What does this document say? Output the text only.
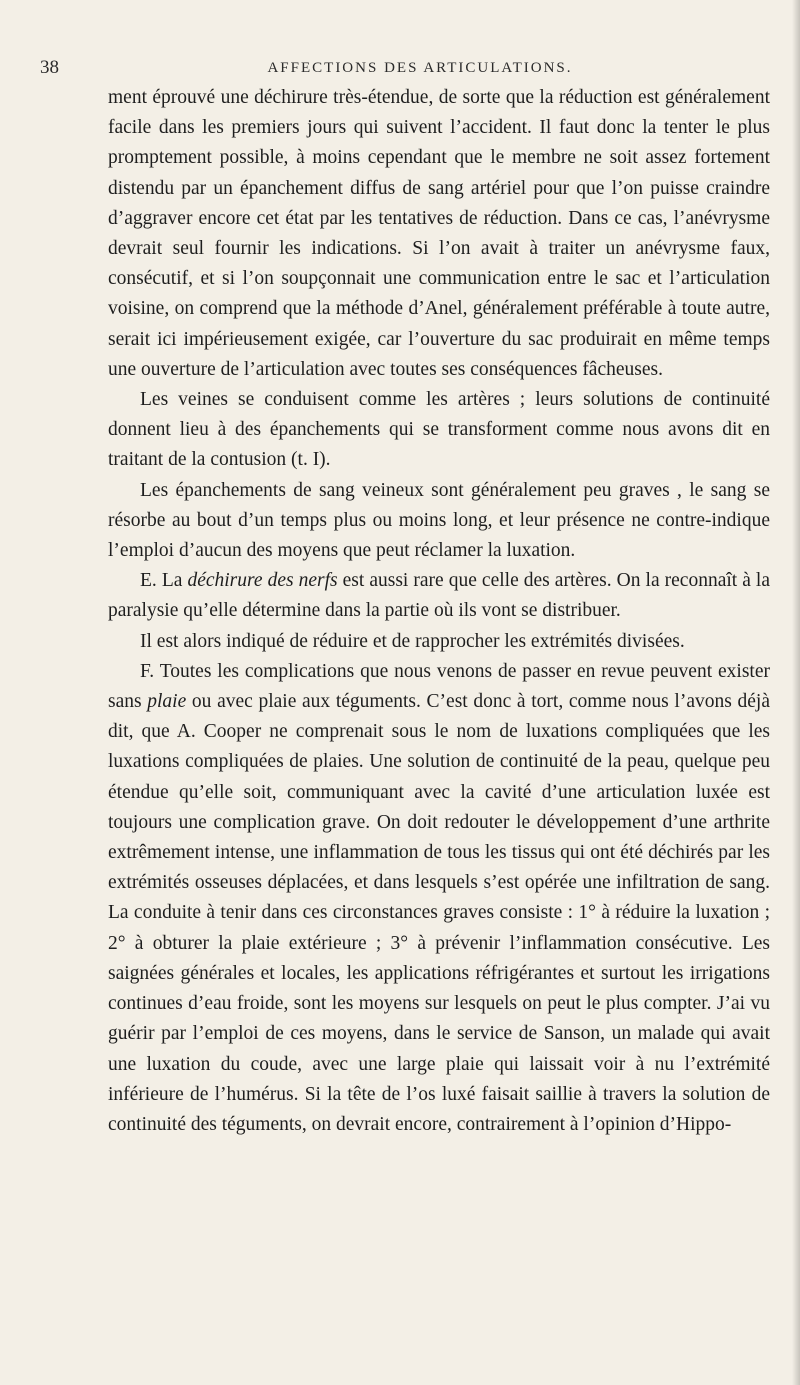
38	AFFECTIONS DES ARTICULATIONS.

ment éprouvé une déchirure très-étendue, de sorte que la réduction est généralement facile dans les premiers jours qui suivent l’accident. Il faut donc la tenter le plus promptement possible, à moins cependant que le membre ne soit assez fortement distendu par un épanchement diffus de sang artériel pour que l’on puisse craindre d’aggraver encore cet état par les tentatives de réduction. Dans ce cas, l’anévrysme devrait seul fournir les indications. Si l’on avait à traiter un anévrysme faux, consécutif, et si l’on soupçonnait une communication entre le sac et l’articulation voisine, on comprend que la méthode d’Anel, généralement préférable à toute autre, serait ici impérieusement exigée, car l’ouverture du sac produirait en même temps une ouverture de l’articulation avec toutes ses conséquences fâcheuses.

Les veines se conduisent comme les artères ; leurs solutions de continuité donnent lieu à des épanchements qui se transforment comme nous avons dit en traitant de la contusion (t. I).

Les épanchements de sang veineux sont généralement peu graves , le sang se résorbe au bout d’un temps plus ou moins long, et leur présence ne contre-indique l’emploi d’aucun des moyens que peut réclamer la luxation.

E. La déchirure des nerfs est aussi rare que celle des artères. On la reconnaît à la paralysie qu’elle détermine dans la partie où ils vont se distribuer.

Il est alors indiqué de réduire et de rapprocher les extrémités divisées.

F. Toutes les complications que nous venons de passer en revue peuvent exister sans plaie ou avec plaie aux téguments. C’est donc à tort, comme nous l’avons déjà dit, que A. Cooper ne comprenait sous le nom de luxations compliquées que les luxations compliquées de plaies. Une solution de continuité de la peau, quelque peu étendue qu’elle soit, communiquant avec la cavité d’une articulation luxée est toujours une complication grave. On doit redouter le développement d’une arthrite extrêmement intense, une inflammation de tous les tissus qui ont été déchirés par les extrémités osseuses déplacées, et dans lesquels s’est opérée une infiltration de sang. La conduite à tenir dans ces circonstances graves consiste : 1° à réduire la luxation ; 2° à obturer la plaie extérieure ; 3° à prévenir l’inflammation consécutive. Les saignées générales et locales, les applications réfrigérantes et surtout les irrigations continues d’eau froide, sont les moyens sur lesquels on peut le plus compter. J’ai vu guérir par l’emploi de ces moyens, dans le service de Sanson, un malade qui avait une luxation du coude, avec une large plaie qui laissait voir à nu l’extrémité inférieure de l’humérus. Si la tête de l’os luxé faisait saillie à travers la solution de continuité des téguments, on devrait encore, contrairement à l’opinion d’Hippo-
